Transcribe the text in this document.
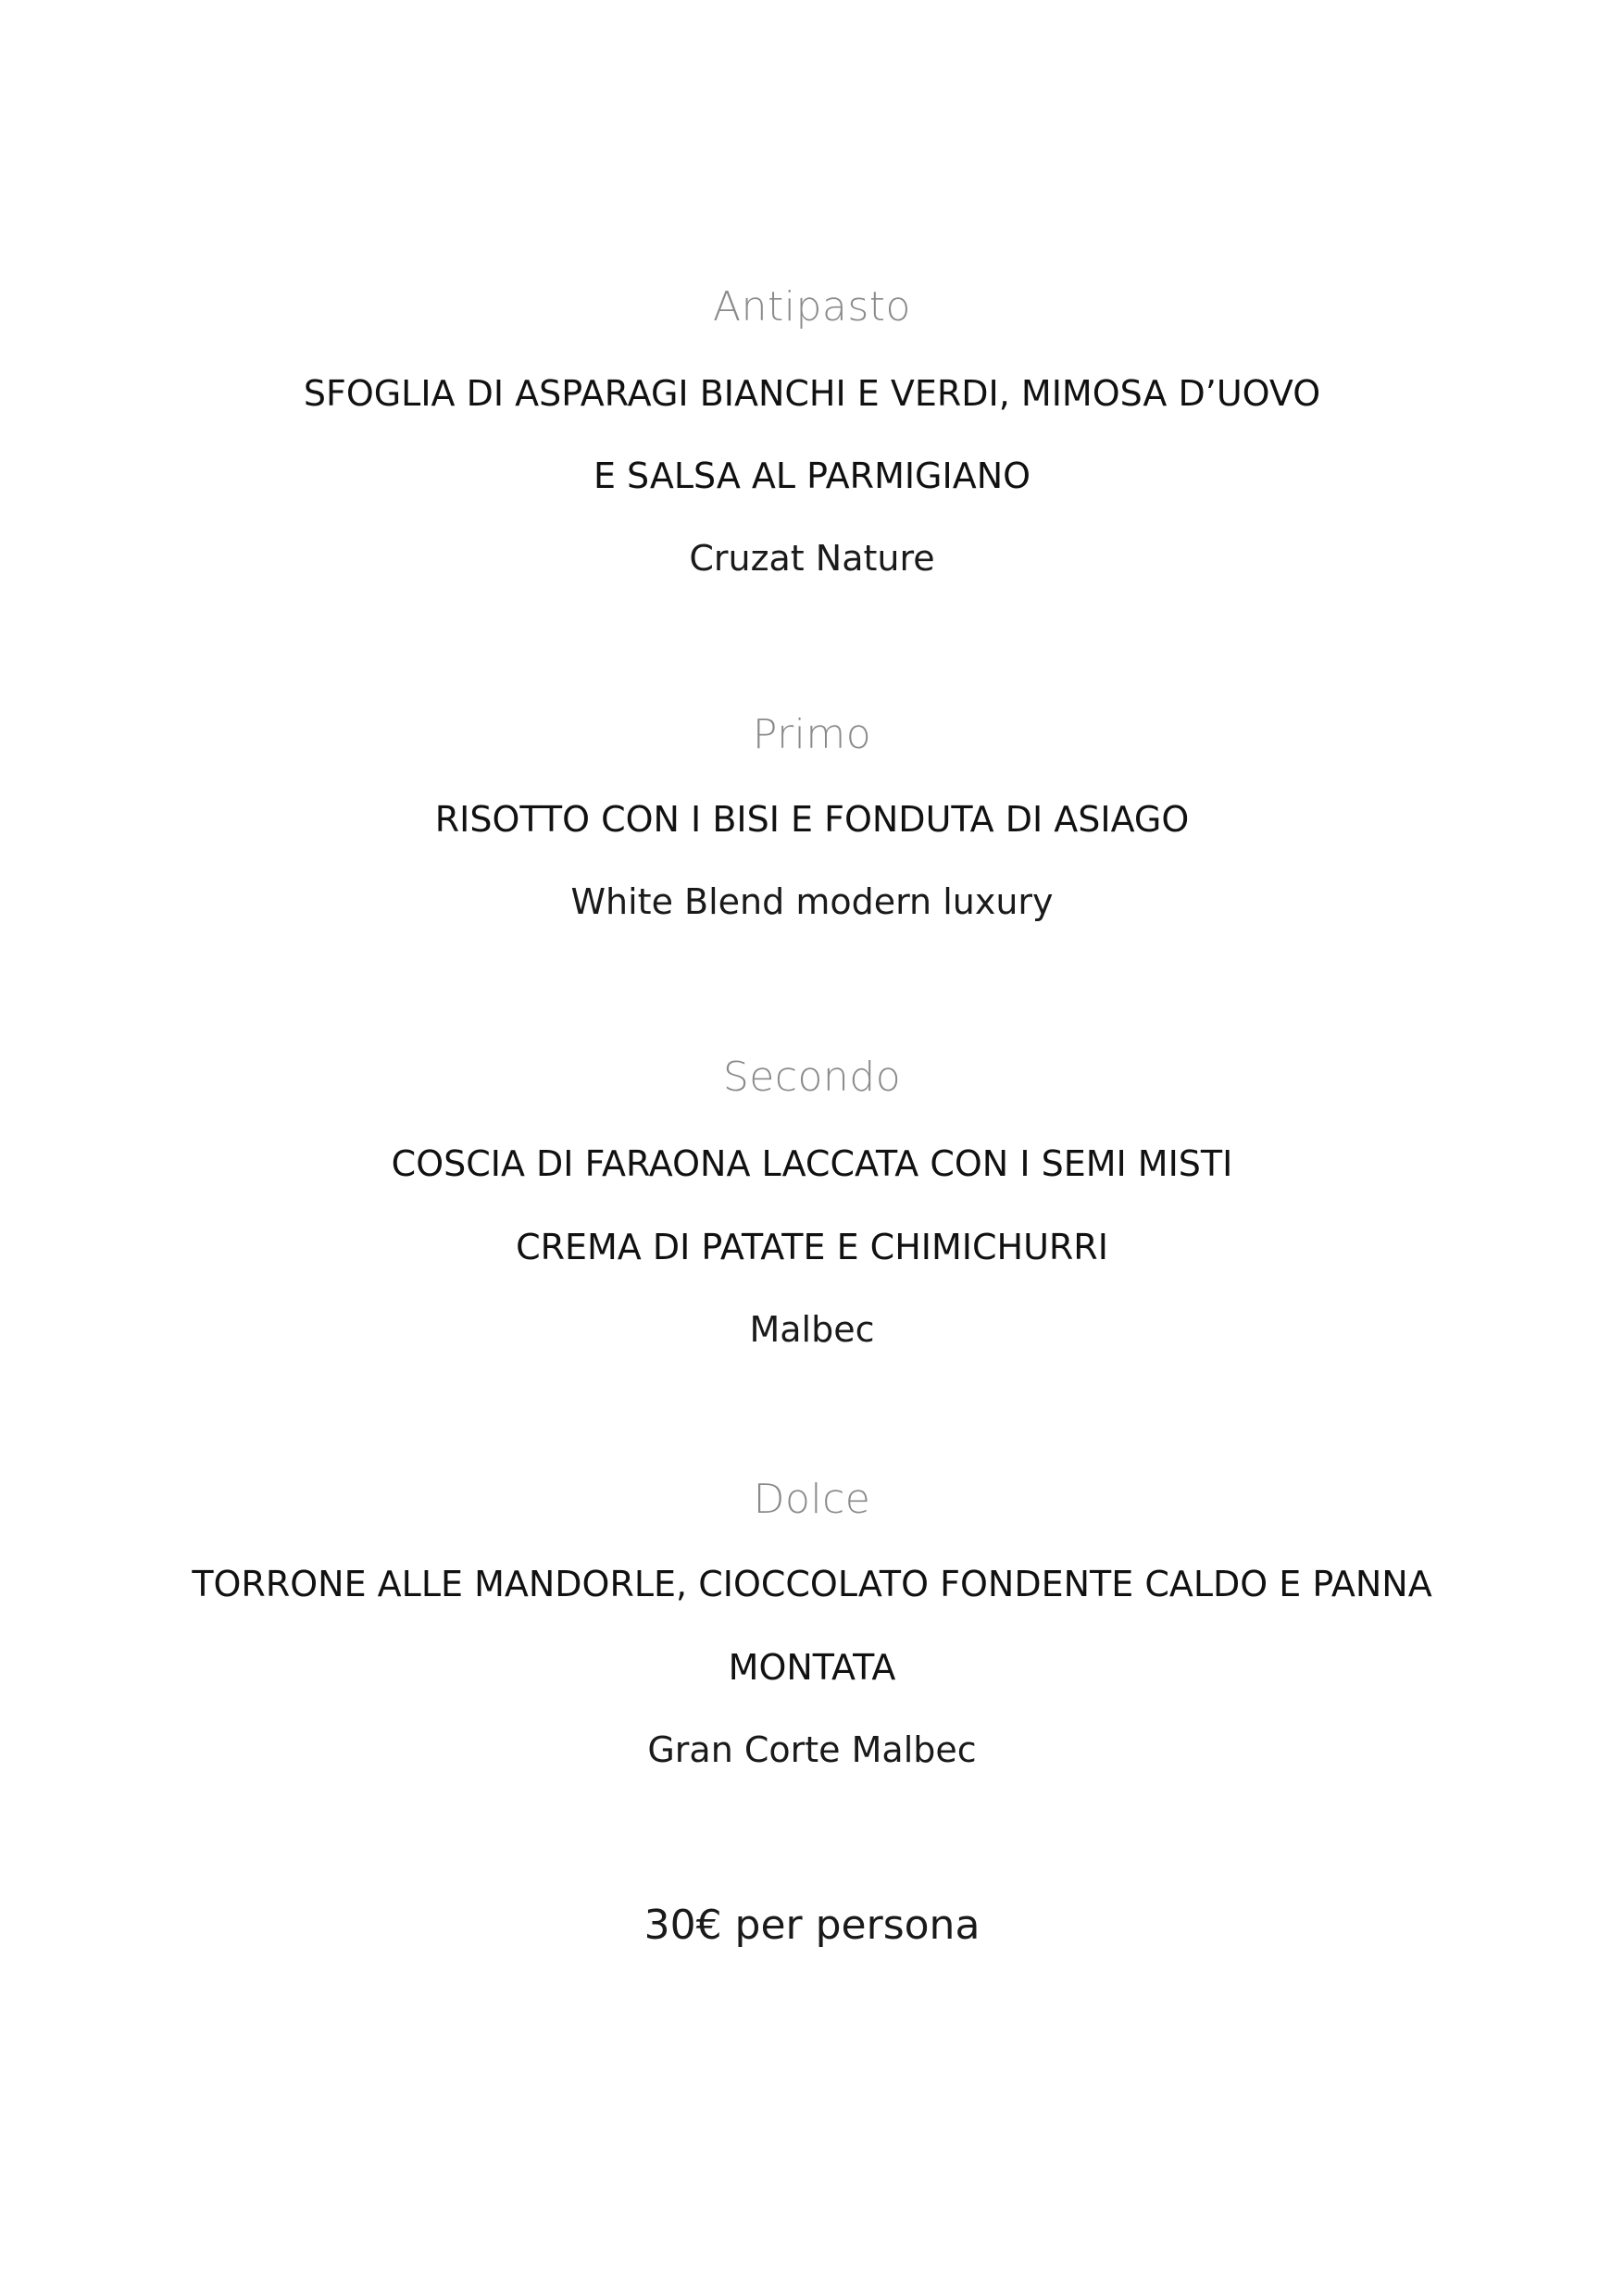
Antipasto
SFOGLIA DI ASPARAGI BIANCHI E VERDI, MIMOSA D’UOVO
E SALSA AL PARMIGIANO
Cruzat Nature
Primo
RISOTTO CON I BISI E FONDUTA DI ASIAGO
White Blend modern luxury
Secondo
COSCIA DI FARAONA LACCATA CON I SEMI MISTI
CREMA DI PATATE E CHIMICHURRI
Malbec
Dolce
TORRONE ALLE MANDORLE, CIOCCOLATO FONDENTE CALDO E PANNA
MONTATA
Gran Corte Malbec
30€ per persona
